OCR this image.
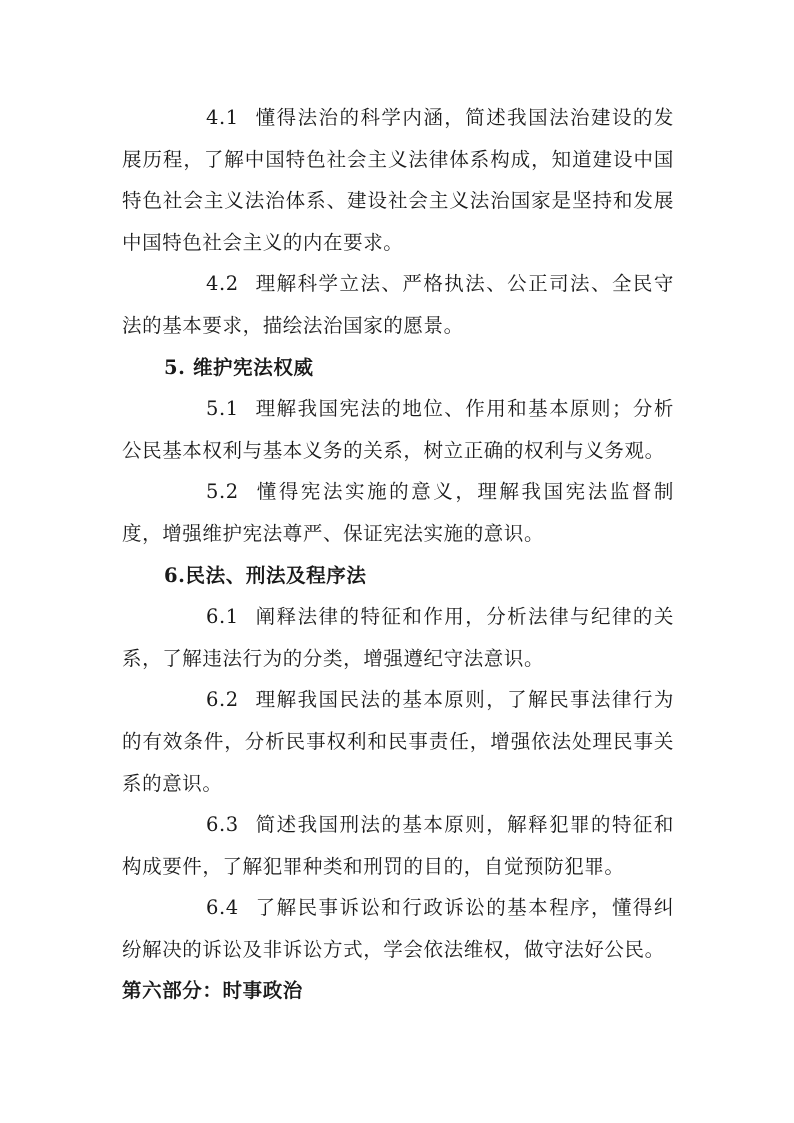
4.1 懂得法治的科学内涵，简述我国法治建设的发展历程，了解中国特色社会主义法律体系构成，知道建设中国特色社会主义法治体系、建设社会主义法治国家是坚持和发展中国特色社会主义的内在要求。

4.2 理解科学立法、严格执法、公正司法、全民守法的基本要求，描绘法治国家的愿景。

5. 维护宪法权威

5.1 理解我国宪法的地位、作用和基本原则；分析公民基本权利与基本义务的关系，树立正确的权利与义务观。

5.2 懂得宪法实施的意义，理解我国宪法监督制度，增强维护宪法尊严、保证宪法实施的意识。

6.民法、刑法及程序法

6.1 阐释法律的特征和作用，分析法律与纪律的关系，了解违法行为的分类，增强遵纪守法意识。

6.2 理解我国民法的基本原则，了解民事法律行为的有效条件，分析民事权利和民事责任，增强依法处理民事关系的意识。

6.3 简述我国刑法的基本原则，解释犯罪的特征和构成要件，了解犯罪种类和刑罚的目的，自觉预防犯罪。

6.4 了解民事诉讼和行政诉讼的基本程序，懂得纠纷解决的诉讼及非诉讼方式，学会依法维权，做守法好公民。

第六部分：时事政治
